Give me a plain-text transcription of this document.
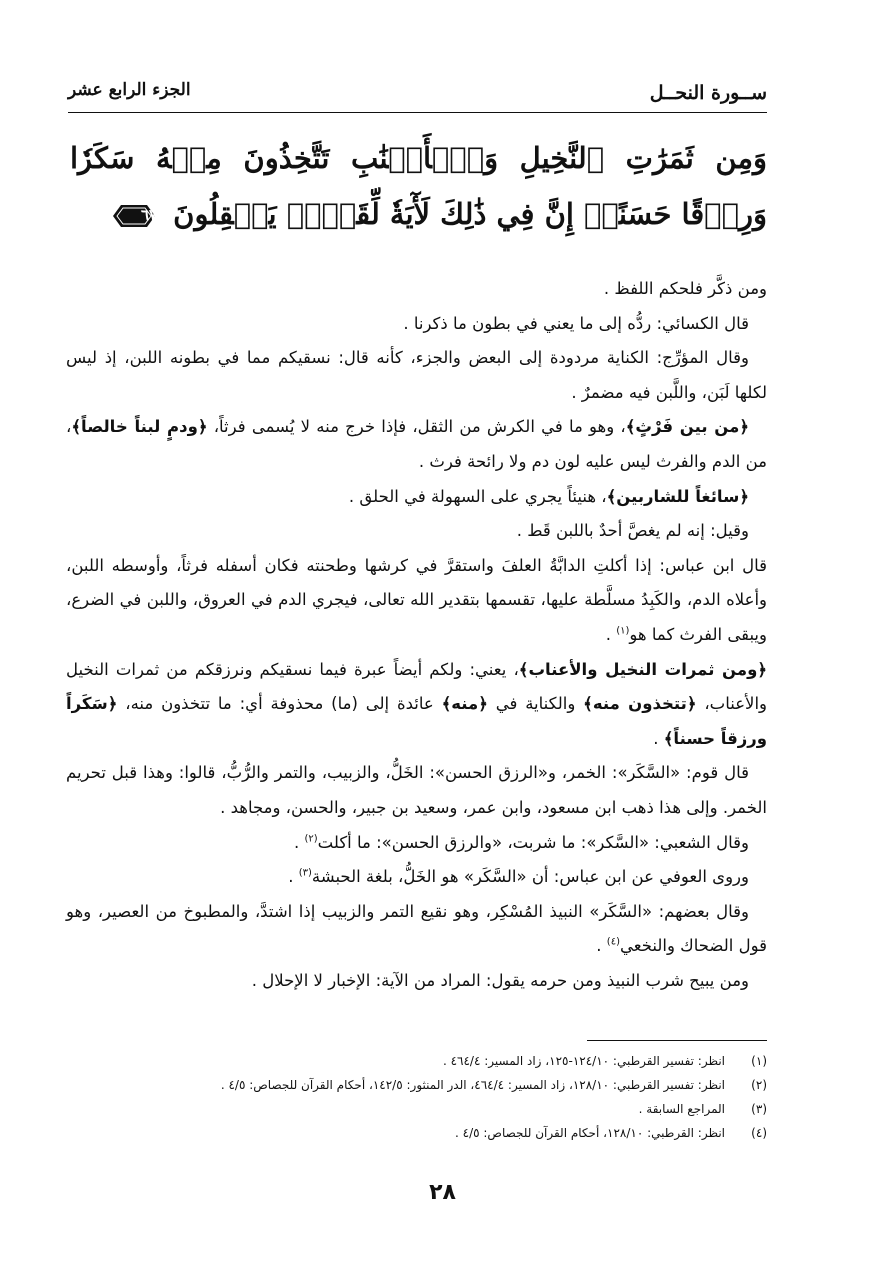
ســورة النحــل
الجزء الرابع عشر
وَمِن ثَمَرَٰتِ ٱلنَّخِيلِ وَٱلۡأَعۡنَٰبِ تَتَّخِذُونَ مِنۡهُ سَكَرٗا وَرِزۡقًا حَسَنًاۗ إِنَّ فِي ذَٰلِكَ لَأٓيَةٗ لِّقَوۡمٖ يَعۡقِلُونَ
٦٧

ومن ذكَّر فلحكم اللفظ .

قال الكسائي: ردُّه إلى ما يعني في بطون ما ذكرنا .

وقال المؤرِّج: الكناية مردودة إلى البعض والجزء، كأنه قال: نسقيكم مما في بطونه اللبن، إذ ليس لكلها لَبَن، واللَّبن فيه مضمرٌ .

﴿من بين فَرْثٍ﴾، وهو ما في الكرش من الثقل، فإذا خرج منه لا يُسمى فرثاً، ﴿ودمٍ لبناً خالصاً﴾، من الدم والفرث ليس عليه لون دم ولا رائحة فرث .

﴿سائغاً للشاربين﴾، هنيئاً يجري على السهولة في الحلق .

وقيل: إنه لم يغصَّ أحدٌ باللبن قَط .

قال ابن عباس: إذا أكلتِ الدابَّةُ العلفَ واستقرَّ في كرشها وطحنته فكان أسفله فرثاً، وأوسطه اللبن، وأعلاه الدم، والكَبِدُ مسلَّطة عليها، تقسمها بتقدير الله تعالى، فيجري الدم في العروق، واللبن في الضرع، ويبقى الفرث كما هو$^{(١)}$ .

﴿ومن ثمرات النخيل والأعناب﴾، يعني: ولكم أيضاً عبرة فيما نسقيكم ونرزقكم من ثمرات النخيل والأعناب، ﴿تتخذون منه﴾ والكناية في ﴿منه﴾ عائدة إلى (ما) محذوفة أي: ما تتخذون منه، ﴿سَكَراً ورزقاً حسناً﴾ .

قال قوم: «السَّكَر»: الخمر، و«الرزق الحسن»: الخَلُّ، والزبيب، والتمر والرُّبُّ، قالوا: وهذا قبل تحريم الخمر. وإلى هذا ذهب ابن مسعود، وابن عمر، وسعيد بن جبير، والحسن، ومجاهد .

وقال الشعبي: «السَّكر»: ما شربت، «والرزق الحسن»: ما أكلت$^{(٢)}$ .

وروى العوفي عن ابن عباس: أن «السَّكَر» هو الخَلُّ، بلغة الحبشة$^{(٣)}$ .

وقال بعضهم: «السَّكَر» النبيذ المُسْكِر، وهو نقيع التمر والزبيب إذا اشتدَّ، والمطبوخ من العصير، وهو قول الضحاك والنخعي$^{(٤)}$ .

ومن يبيح شرب النبيذ ومن حرمه يقول: المراد من الآية: الإخبار لا الإحلال .

(١)
انظر: تفسير القرطبي: ١٢٤/١٠-١٢٥، زاد المسير: ٤٦٤/٤ .
(٢)
انظر: تفسير القرطبي: ١٢٨/١٠، زاد المسير: ٤٦٤/٤، الدر المنثور: ١٤٢/٥، أحكام القرآن للجصاص: ٤/٥ .
(٣)
المراجع السابقة .
(٤)
انظر: القرطبي: ١٢٨/١٠، أحكام القرآن للجصاص: ٤/٥ .
٢٨
